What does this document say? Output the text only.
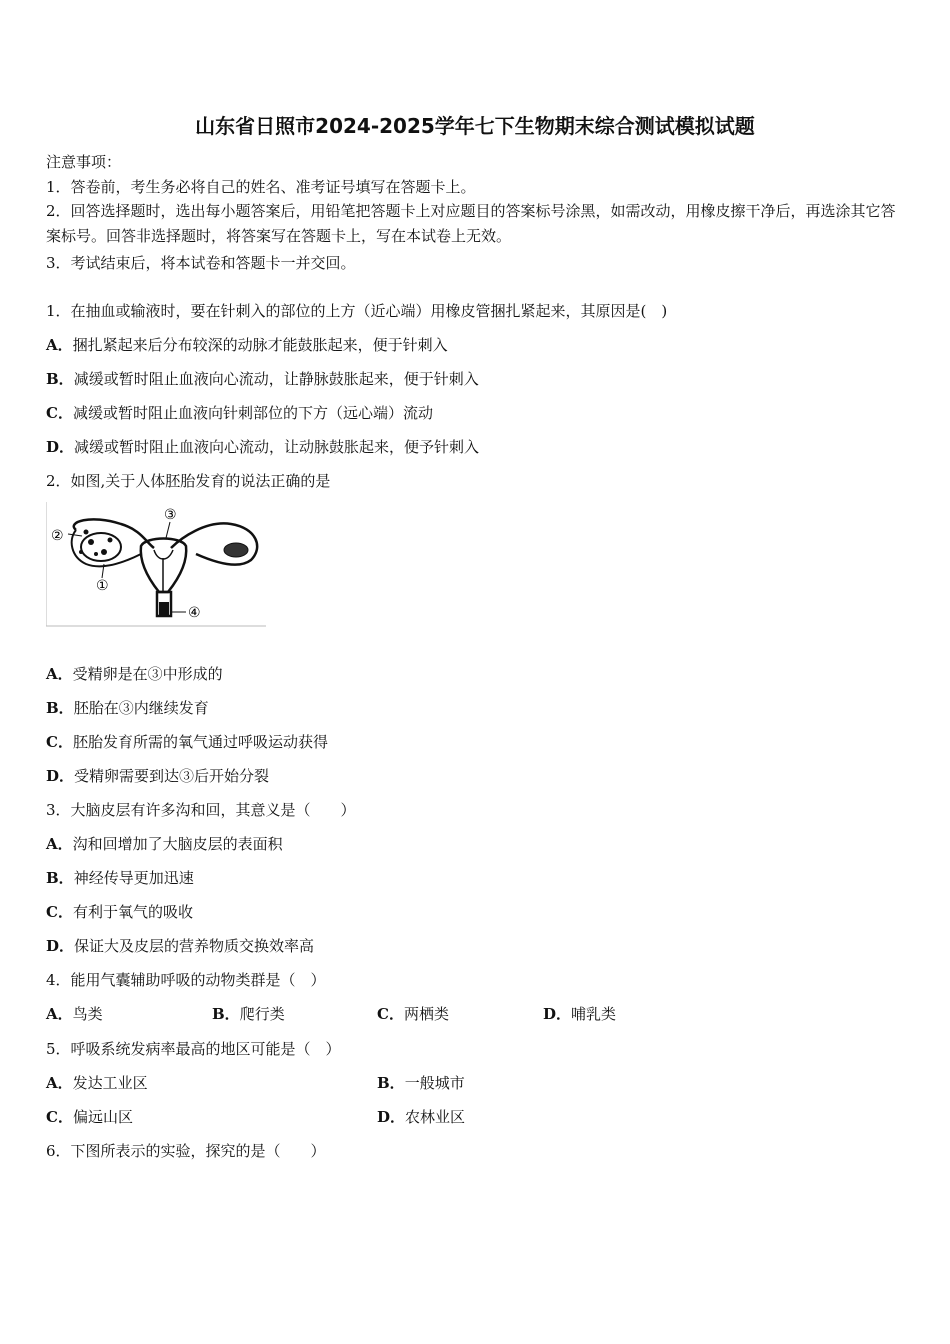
山东省日照市2024-2025学年七下生物期末综合测试模拟试题
注意事项：
1．答卷前，考生务必将自己的姓名、准考证号填写在答题卡上。
2．回答选择题时，选出每小题答案后，用铅笔把答题卡上对应题目的答案标号涂黑，如需改动，用橡皮擦干净后，再选涂其它答案标号。回答非选择题时，将答案写在答题卡上，写在本试卷上无效。
3．考试结束后，将本试卷和答题卡一并交回。
1．在抽血或输液时，要在针刺入的部位的上方（近心端）用橡皮管捆扎紧起来，其原因是(　)
A．捆扎紧起来后分布较深的动脉才能鼓胀起来，便于针刺入
B．减缓或暂时阻止血液向心流动，让静脉鼓胀起来，便于针刺入
C．减缓或暂时阻止血液向针刺部位的下方（远心端）流动
D．减缓或暂时阻止血液向心流动，让动脉鼓胀起来，便予针刺入
2．如图,关于人体胚胎发育的说法正确的是
②
③
①
④
A．受精卵是在③中形成的
B．胚胎在③内继续发育
C．胚胎发育所需的氧气通过呼吸运动获得
D．受精卵需要到达③后开始分裂
3．大脑皮层有许多沟和回，其意义是（　　）
A．沟和回增加了大脑皮层的表面积
B．神经传导更加迅速
C．有利于氧气的吸收
D．保证大及皮层的营养物质交换效率高
4．能用气囊辅助呼吸的动物类群是（　）
A．鸟类	B．爬行类	C．两栖类	D．哺乳类
5．呼吸系统发病率最高的地区可能是（　）
A．发达工业区	B．一般城市
C．偏远山区	D．农林业区
6．下图所表示的实验，探究的是（　　）
